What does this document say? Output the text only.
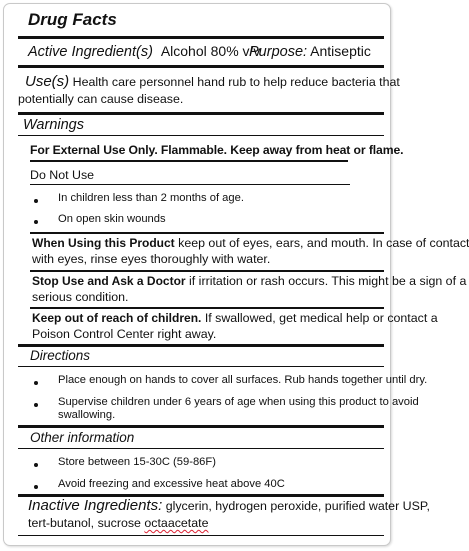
Drug Facts
Active Ingredient(s) Alcohol 80% v/v
Purpose: Antiseptic
Use(s) Health care personnel hand rub to help reduce bacteria that
potentially can cause disease.
Warnings
For External Use Only. Flammable. Keep away from heat or flame.
Do Not Use
In children less than 2 months of age.
On open skin wounds
When Using this Product keep out of eyes, ears, and mouth. In case of contact
with eyes, rinse eyes thoroughly with water.
Stop Use and Ask a Doctor if irritation or rash occurs. This might be a sign of a
serious condition.
Keep out of reach of children. If swallowed, get medical help or contact a
Poison Control Center right away.
Directions
Place enough on hands to cover all surfaces. Rub hands together until dry.
Supervise children under 6 years of age when using this product to avoid
swallowing.
Other information
Store between 15-30C (59-86F)
Avoid freezing and excessive heat above 40C
Inactive Ingredients: glycerin, hydrogen peroxide, purified water USP,
tert-butanol, sucrose octaacetate
